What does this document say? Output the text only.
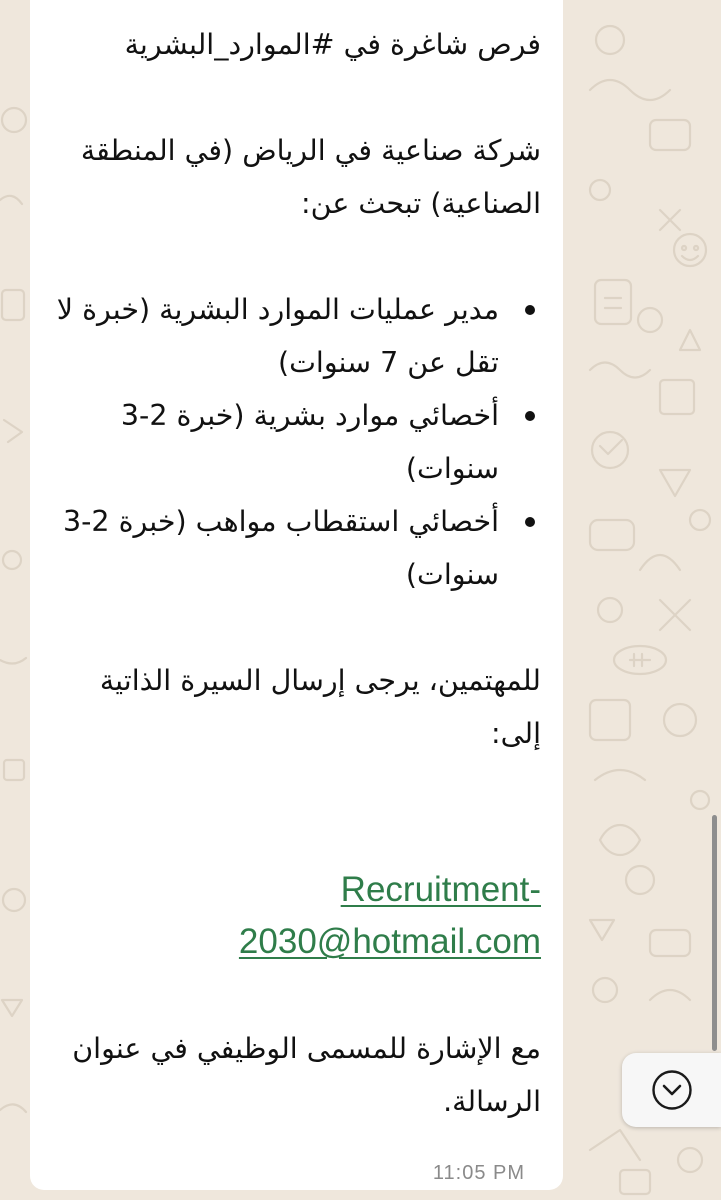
فرص شاغرة في #الموارد_البشرية

شركة صناعية في الرياض (في المنطقة الصناعية) تبحث عن:

مدير عمليات الموارد البشرية (خبرة لا تقل عن 7 سنوات)
أخصائي موارد بشرية (خبرة 2-3 سنوات)
أخصائي استقطاب مواهب (خبرة 2-3 سنوات)

للمهتمين، يرجى إرسال السيرة الذاتية إلى:

Recruitment-2030@hotmail.com

مع الإشارة للمسمى الوظيفي في عنوان الرسالة.

11:05 PM
